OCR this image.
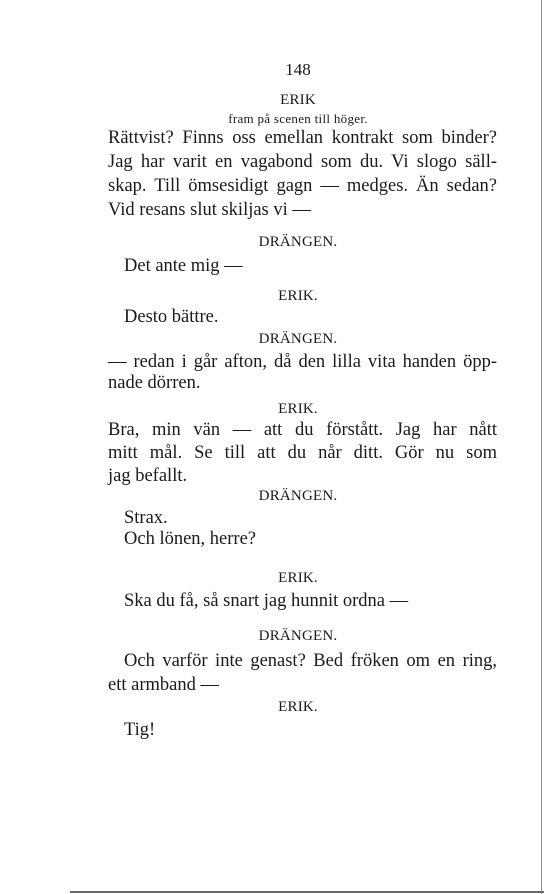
148
ERIK
fram på scenen till höger.
Rättvist? Finns oss emellan kontrakt som binder?
Jag har varit en vagabond som du. Vi slogo säll-
skap. Till ömsesidigt gagn — medges. Än sedan?
Vid resans slut skiljas vi —
DRÄNGEN.
Det ante mig —
ERIK.
Desto bättre.
DRÄNGEN.
— redan i går afton, då den lilla vita handen öpp-
nade dörren.
ERIK.
Bra, min vän — att du förstått. Jag har nått
mitt mål. Se till att du når ditt. Gör nu som
jag befallt.
DRÄNGEN.
Strax.
Och lönen, herre?
ERIK.
Ska du få, så snart jag hunnit ordna —
DRÄNGEN.
Och varför inte genast? Bed fröken om en ring,
ett armband —
ERIK.
Tig!
